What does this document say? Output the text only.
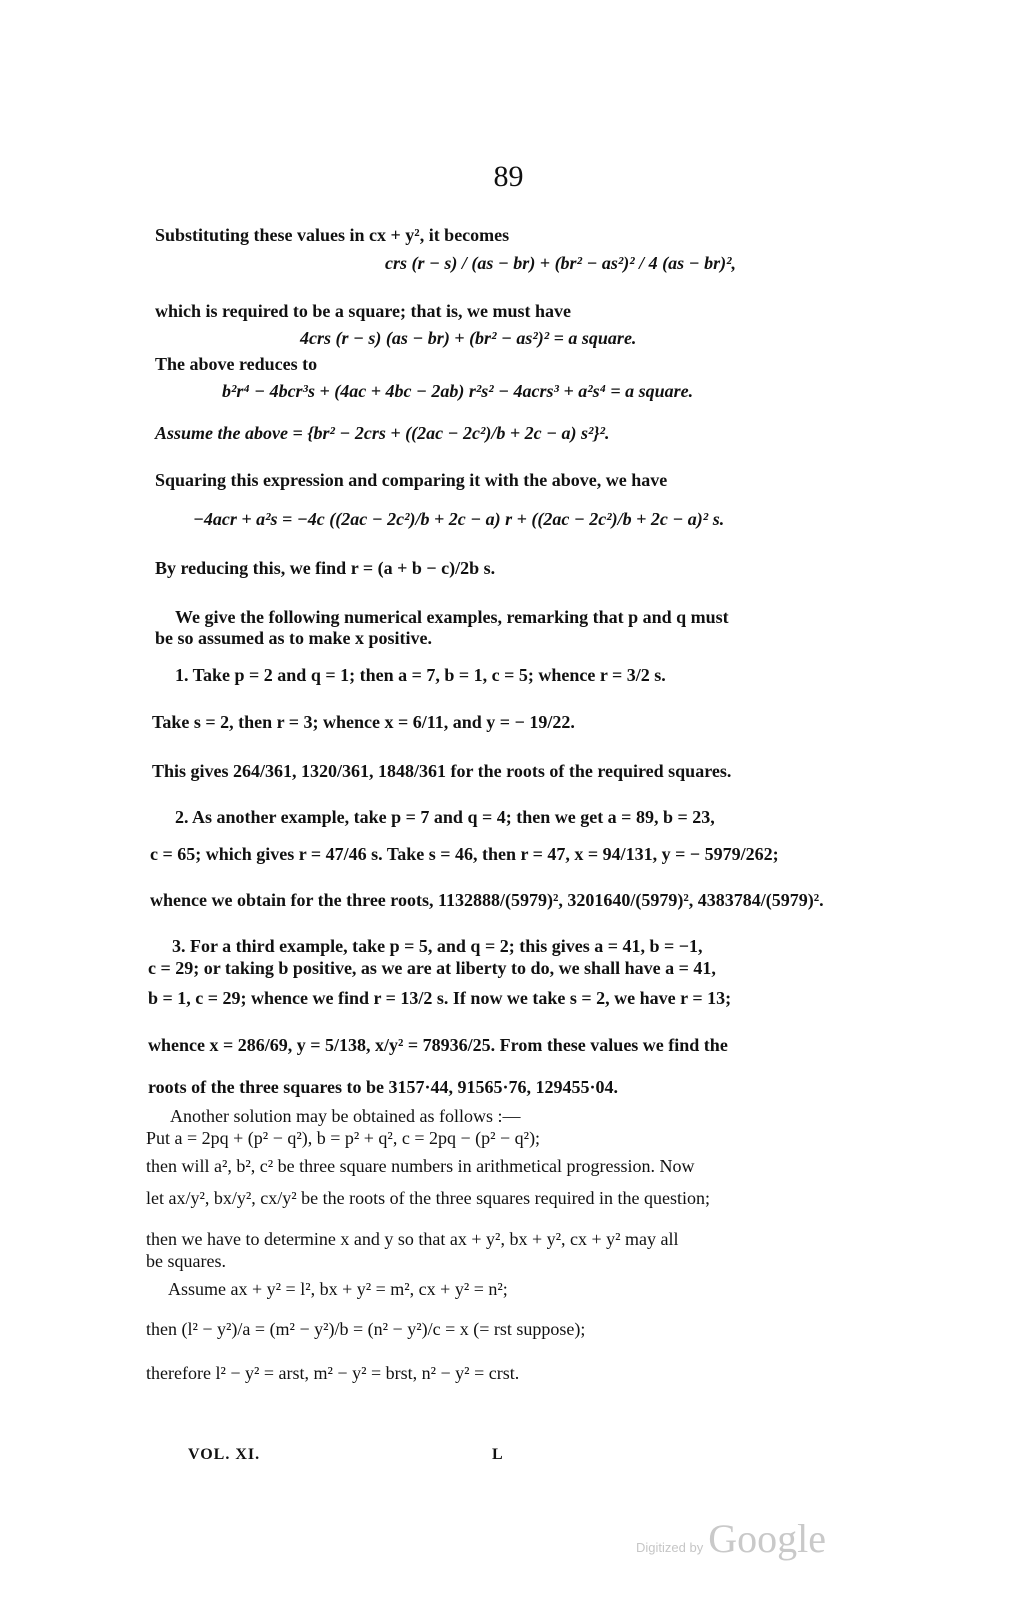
89
Substituting these values in cx + y², it becomes
crs (r − s) / (as − br) + (br² − as²)² / 4 (as − br)²,
which is required to be a square; that is, we must have
4crs (r − s) (as − br) + (br² − as²)² = a square.
The above reduces to
b²r⁴ − 4bcr³s + (4ac + 4bc − 2ab) r²s² − 4acrs³ + a²s⁴ = a square.
Assume the above = {br² − 2crs + ((2ac − 2c²)/b + 2c − a) s²}².
Squaring this expression and comparing it with the above, we have
−4acr + a²s = −4c ((2ac − 2c²)/b + 2c − a) r + ((2ac − 2c²)/b + 2c − a)² s.
By reducing this, we find r = (a + b − c)/2b s.
We give the following numerical examples, remarking that p and q must
be so assumed as to make x positive.
1. Take p = 2 and q = 1; then a = 7, b = 1, c = 5; whence r = 3/2 s.
Take s = 2, then r = 3; whence x = 6/11, and y = − 19/22.
This gives 264/361, 1320/361, 1848/361 for the roots of the required squares.
2. As another example, take p = 7 and q = 4; then we get a = 89, b = 23,
c = 65; which gives r = 47/46 s. Take s = 46, then r = 47, x = 94/131, y = − 5979/262;
whence we obtain for the three roots, 1132888/(5979)², 3201640/(5979)², 4383784/(5979)².
3. For a third example, take p = 5, and q = 2; this gives a = 41, b = −1,
c = 29; or taking b positive, as we are at liberty to do, we shall have a = 41,
b = 1, c = 29; whence we find r = 13/2 s. If now we take s = 2, we have r = 13;
whence x = 286/69, y = 5/138, x/y² = 78936/25. From these values we find the
roots of the three squares to be 3157·44, 91565·76, 129455·04.
Another solution may be obtained as follows :—
Put a = 2pq + (p² − q²), b = p² + q², c = 2pq − (p² − q²);
then will a², b², c² be three square numbers in arithmetical progression. Now
let ax/y², bx/y², cx/y² be the roots of the three squares required in the question;
then we have to determine x and y so that ax + y², bx + y², cx + y² may all
be squares.
Assume ax + y² = l², bx + y² = m², cx + y² = n²;
then (l² − y²)/a = (m² − y²)/b = (n² − y²)/c = x (= rst suppose);
therefore l² − y² = arst, m² − y² = brst, n² − y² = crst.
VOL. XI.	L
Digitized by Google
